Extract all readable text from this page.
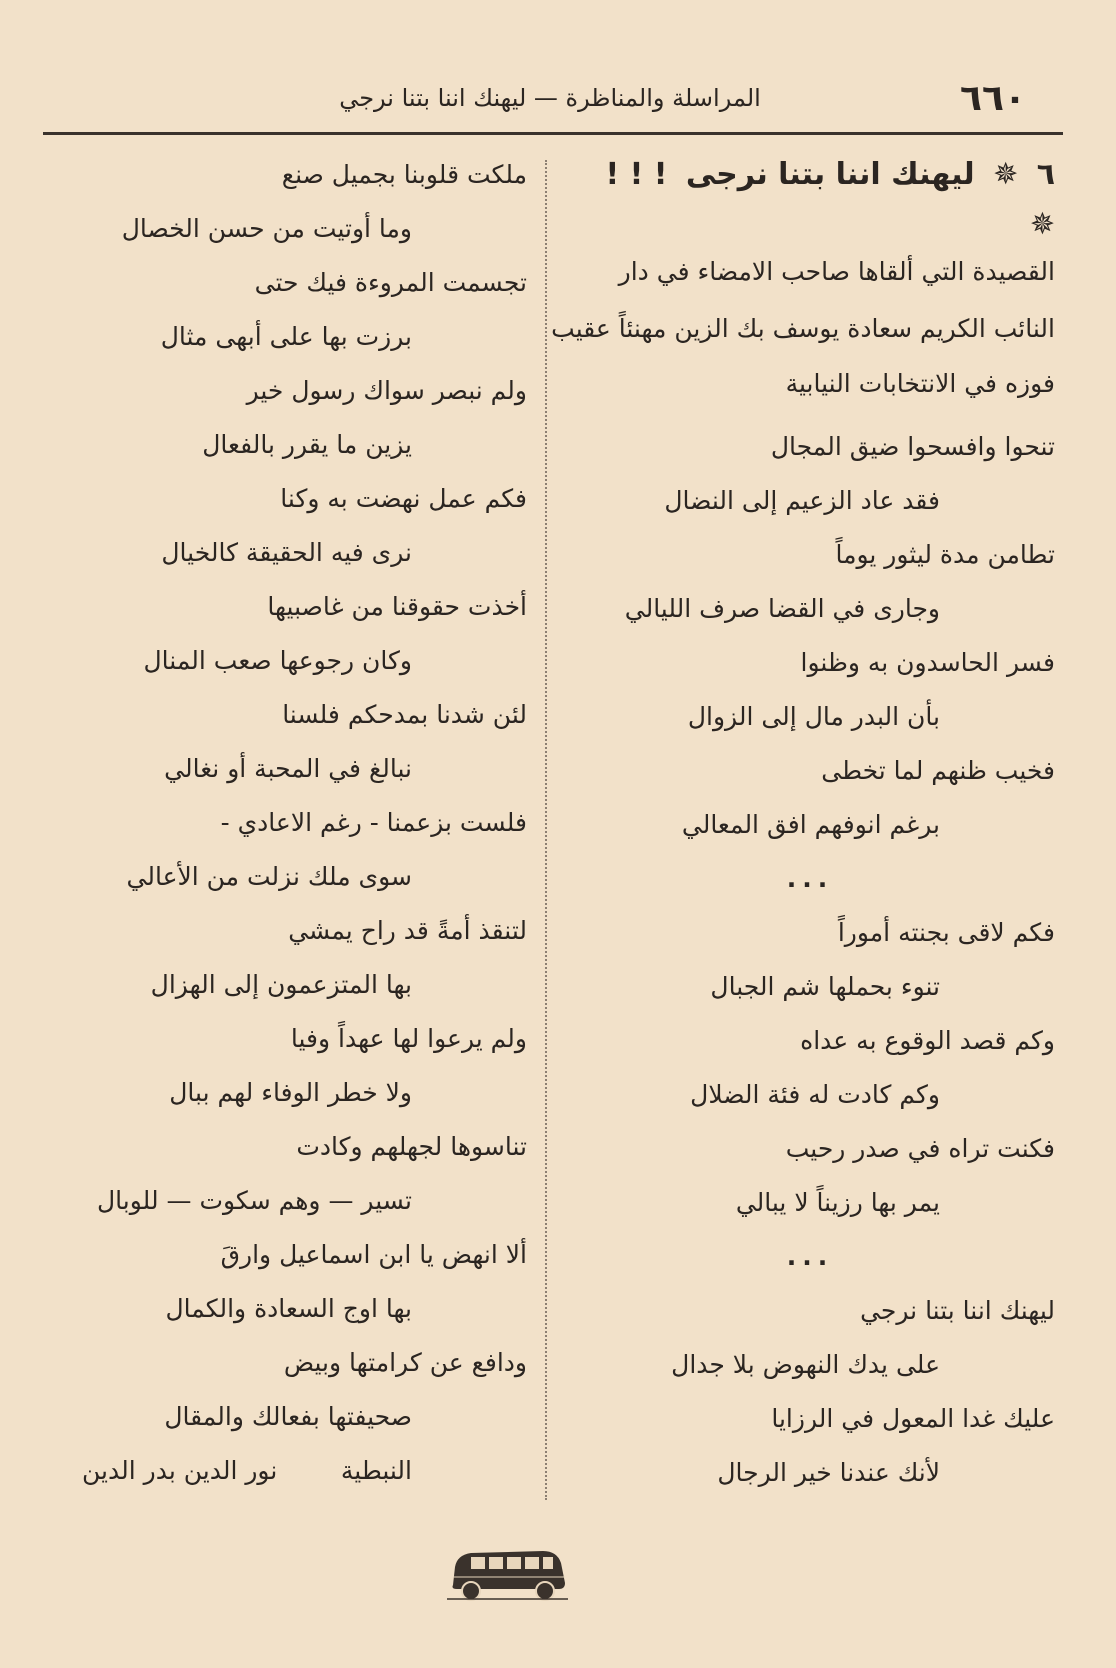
٦٦٠
المراسلة والمناظرة — ليهنك اننا بتنا نرجي
٦ ✵ ليهنك اننا بتنا نرجى ! ! ! ✵
القصيدة التي ألقاها صاحب الامضاء في دار
النائب الكريم سعادة يوسف بك الزين مهنئاً عقيب
فوزه في الانتخابات النيابية
تنحوا وافسحوا ضيق المجال
فقد عاد الزعيم إلى النضال
تطامن مدة ليثور يوماً
وجارى في القضا صرف الليالي
فسر الحاسدون به وظنوا
بأن البدر مال إلى الزوال
فخيب ظنهم لما تخطى
برغم انوفهم افق المعالي
...
فكم لاقى بجنته أموراً
تنوء بحملها شم الجبال
وكم قصد الوقوع به عداه
وكم كادت له فئة الضلال
فكنت تراه في صدر رحيب
يمر بها رزيناً لا يبالي
...
ليهنك اننا بتنا نرجي
على يدك النهوض بلا جدال
عليك غدا المعول في الرزايا
لأنك عندنا خير الرجال
ملكت قلوبنا بجميل صنع
وما أوتيت من حسن الخصال
تجسمت المروءة فيك حتى
برزت بها على أبهى مثال
ولم نبصر سواك رسول خير
يزين ما يقرر بالفعال
فكم عمل نهضت به وكنا
نرى فيه الحقيقة كالخيال
أخذت حقوقنا من غاصبيها
وكان رجوعها صعب المنال
لئن شدنا بمدحكم فلسنا
نبالغ في المحبة أو نغالي
فلست بزعمنا - رغم الاعادي -
سوى ملك نزلت من الأعالي
لتنقذ أمةً قد راح يمشي
بها المتزعمون إلى الهزال
ولم يرعوا لها عهداً وفيا
ولا خطر الوفاء لهم ببال
تناسوها لجهلهم وكادت
تسير — وهم سكوت — للوبال
ألا انهض يا ابن اسماعيل وارقَ
بها اوج السعادة والكمال
ودافع عن كرامتها وبيض
صحيفتها بفعالك والمقال
النبطية
نور الدين بدر الدين
